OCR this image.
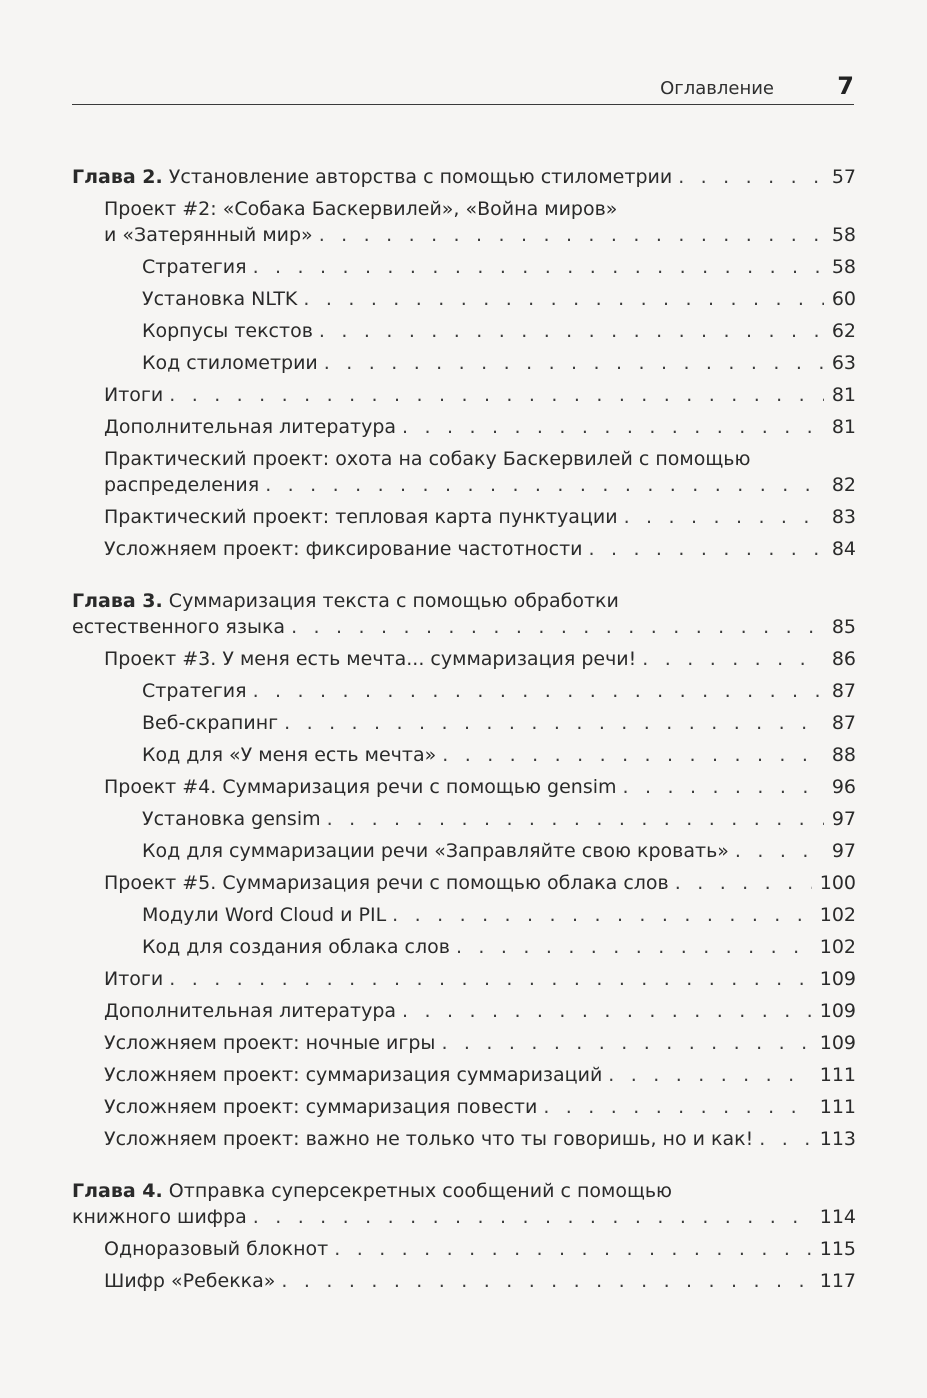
Оглавление	7
Глава 2. Установление авторства с помощью стилометрии . . .	57
Проект #2: «Собака Баскервилей», «Война миров»
и «Затерянный мир» . . .	58
Стратегия . . .	58
Установка NLTK . . .	60
Корпусы текстов . . .	62
Код стилометрии . . .	63
Итоги . . .	81
Дополнительная литература . . .	81
Практический проект: охота на собаку Баскервилей с помощью
распределения . . .	82
Практический проект: тепловая карта пунктуации . . .	83
Усложняем проект: фиксирование частотности . . .	84
Глава 3. Суммаризация текста с помощью обработки
естественного языка . . .	85
Проект #3. У меня есть мечта... суммаризация речи! . . .	86
Стратегия . . .	87
Веб-скрапинг . . .	87
Код для «У меня есть мечта» . . .	88
Проект #4. Суммаризация речи с помощью gensim . . .	96
Установка gensim . . .	97
Код для суммаризации речи «Заправляйте свою кровать» . . .	97
Проект #5. Суммаризация речи с помощью облака слов . . .	100
Модули Word Cloud и PIL . . .	102
Код для создания облака слов . . .	102
Итоги . . .	109
Дополнительная литература . . .	109
Усложняем проект: ночные игры . . .	109
Усложняем проект: суммаризация суммаризаций . . .	111
Усложняем проект: суммаризация повести . . .	111
Усложняем проект: важно не только что ты говоришь, но и как! . . .	113
Глава 4. Отправка суперсекретных сообщений с помощью
книжного шифра . . .	114
Одноразовый блокнот . . .	115
Шифр «Ребекка» . . .	117
